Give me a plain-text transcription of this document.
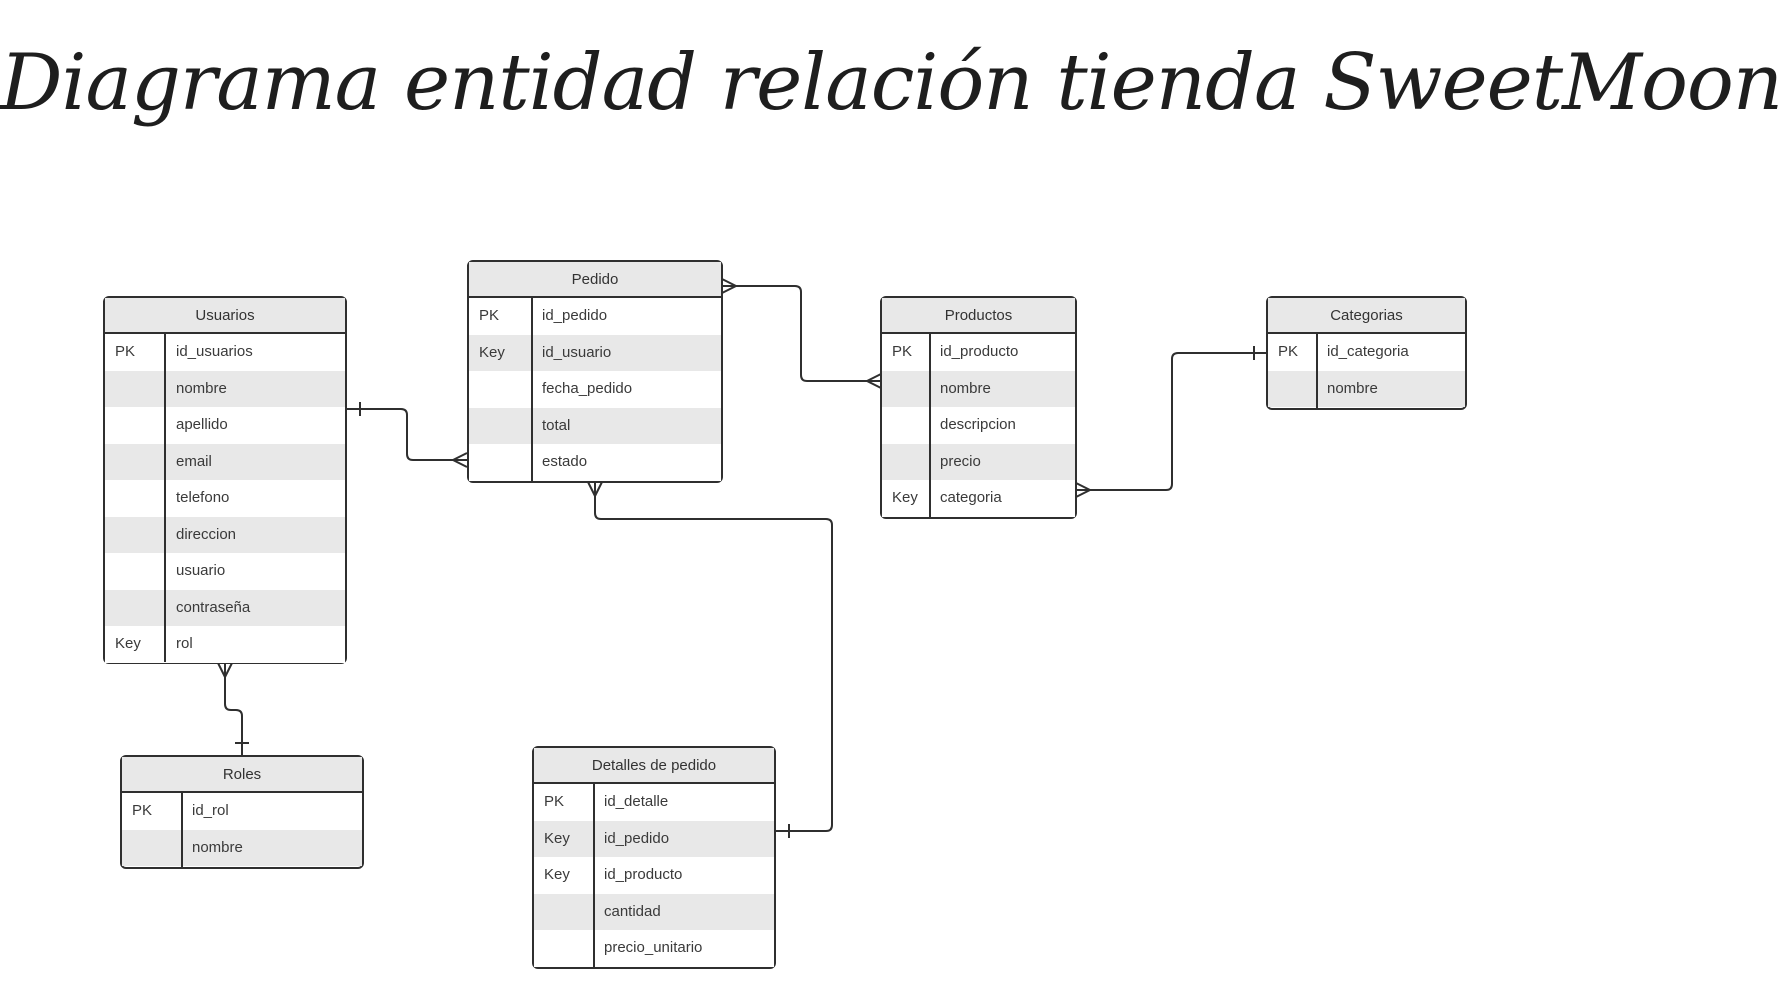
Diagrama entidad relación tienda SweetMoon
Usuarios
PK	id_usuarios
nombre
apellido
email
telefono
direccion
usuario
contraseña
Key rol
Pedido
PK	id_pedido
Key id_usuario
fecha_pedido
total
estado
Productos
PK id_producto
nombre
descripcion
precio
Key categoria
Categorias
PK id_categoria
nombre
Roles
PK	id_rol
nombre
Detalles de pedido
PK	id_detalle
Key id_pedido
Key id_producto
cantidad
precio_unitario
